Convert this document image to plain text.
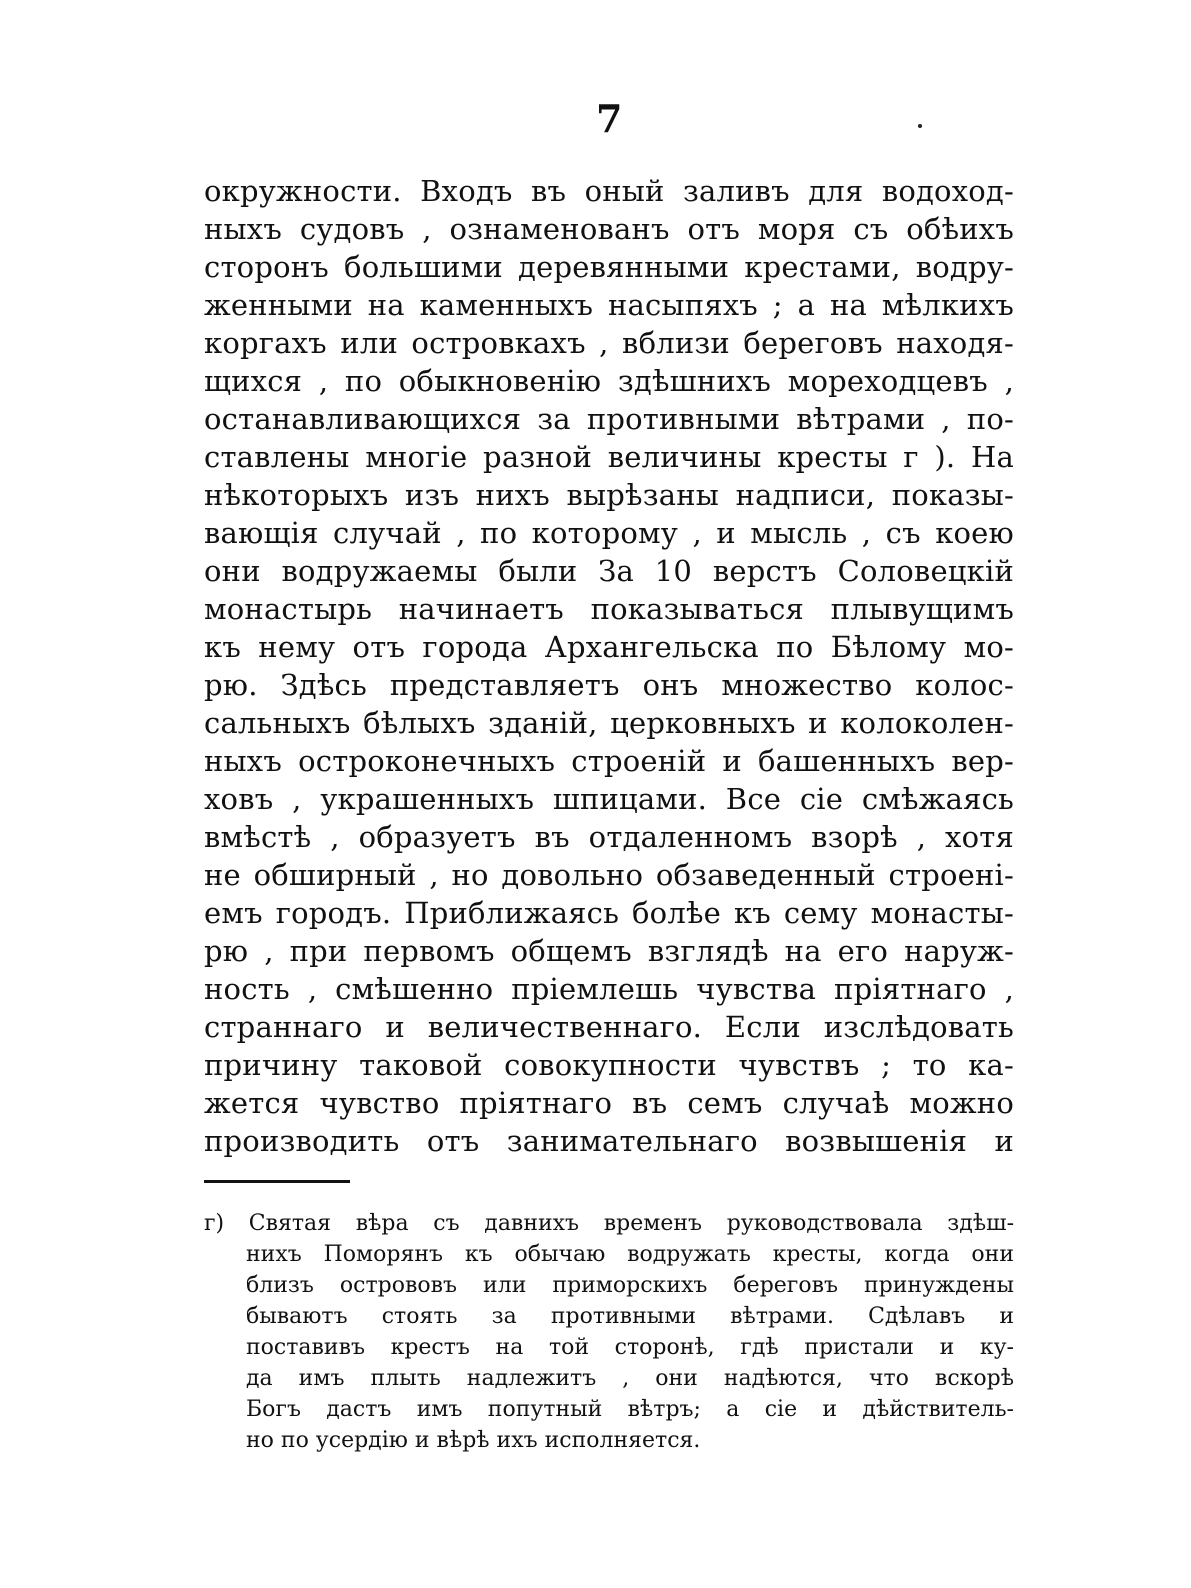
7
окружности. Входъ въ оный заливъ для водоход-
ныхъ судовъ , ознаменованъ отъ моря съ обѣихъ
сторонъ большими деревянными крестами, водру-
женными на каменныхъ насыпяхъ ; а на мѣлкихъ
коргахъ или островкахъ , вблизи береговъ находя-
щихся , по обыкновенію здѣшнихъ мореходцевъ ,
останавливающихся за противными вѣтрами , по-
ставлены многіе разной величины кресты г ). На
нѣкоторыхъ изъ нихъ вырѣзаны надписи, показы-
вающія случай , по которому , и мысль , съ коею
они водружаемы были За 10 верстъ Соловецкій
монастырь начинаетъ показываться плывущимъ
къ нему отъ города Архангельска по Бѣлому мо-
рю. Здѣсь представляетъ онъ множество колос-
сальныхъ бѣлыхъ зданій, церковныхъ и колоколен-
ныхъ остроконечныхъ строеній и башенныхъ вер-
ховъ , украшенныхъ шпицами. Все сіе смѣжаясь
вмѣстѣ , образуетъ въ отдаленномъ взорѣ , хотя
не обширный , но довольно обзаведенный строені-
емъ городъ. Приближаясь болѣе къ сему монасты-
рю , при первомъ общемъ взглядѣ на его наруж-
ность , смѣшенно пріемлешь чувства пріятнаго ,
страннаго и величественнаго. Если изслѣдовать
причину таковой совокупности чувствъ ; то ка-
жется чувство пріятнаго въ семъ случаѣ можно
производить отъ занимательнаго возвышенія и
г) Святая вѣра съ давнихъ временъ руководствовала здѣш-
нихъ Поморянъ къ обычаю водружать кресты, когда они
близъ острововъ или приморскихъ береговъ принуждены
бываютъ стоять за противными вѣтрами. Сдѣлавъ и
поставивъ крестъ на той сторонѣ, гдѣ пристали и ку-
да имъ плыть надлежитъ , они надѣются, что вскорѣ
Богъ дастъ имъ попутный вѣтръ; а сіе и дѣйствитель-
но по усердію и вѣрѣ ихъ исполняется.
